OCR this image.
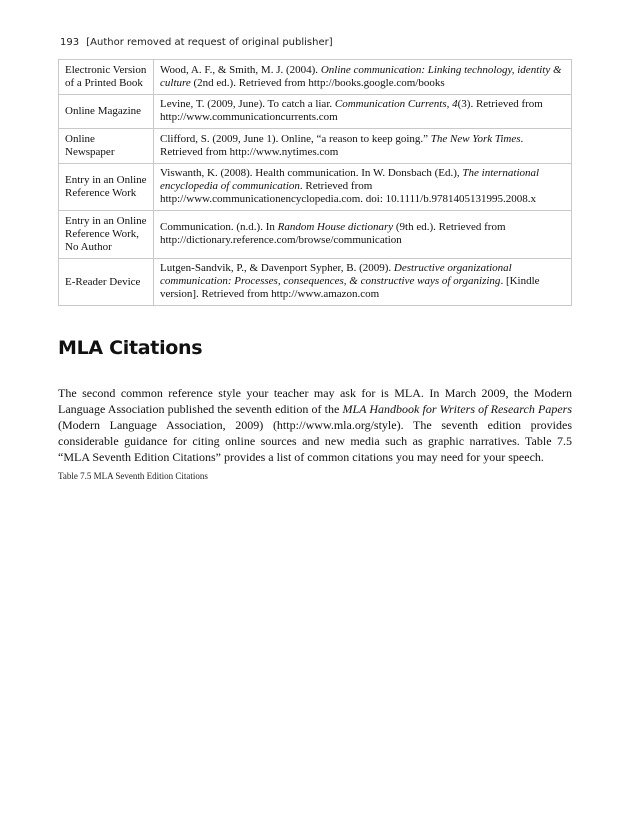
193 [Author removed at request of original publisher]
Electronic Version of a Printed Book	Wood, A. F., & Smith, M. J. (2004). Online communication: Linking technology, identity & culture (2nd ed.). Retrieved from http://books.google.com/books
Online Magazine	Levine, T. (2009, June). To catch a liar. Communication Currents, 4(3). Retrieved from http://www.communicationcurrents.com
Online Newspaper	Clifford, S. (2009, June 1). Online, “a reason to keep going.” The New York Times. Retrieved from http://www.nytimes.com
Entry in an Online Reference Work	Viswanth, K. (2008). Health communication. In W. Donsbach (Ed.), The international encyclopedia of communication. Retrieved from http://www.communicationencyclopedia.com. doi: 10.1111/b.9781405131995.2008.x
Entry in an Online Reference Work, No Author	Communication. (n.d.). In Random House dictionary (9th ed.). Retrieved from http://dictionary.reference.com/browse/communication
E-Reader Device	Lutgen-Sandvik, P., & Davenport Sypher, B. (2009). Destructive organizational communication: Processes, consequences, & constructive ways of organizing. [Kindle version]. Retrieved from http://www.amazon.com
MLA Citations

The second common reference style your teacher may ask for is MLA. In March 2009, the Modern Language Association published the seventh edition of the MLA Handbook for Writers of Research Papers (Modern Language Association, 2009) (http://www.mla.org/style). The seventh edition provides considerable guidance for citing online sources and new media such as graphic narratives. Table 7.5 “MLA Seventh Edition Citations” provides a list of common citations you may need for your speech.

Table 7.5 MLA Seventh Edition Citations
